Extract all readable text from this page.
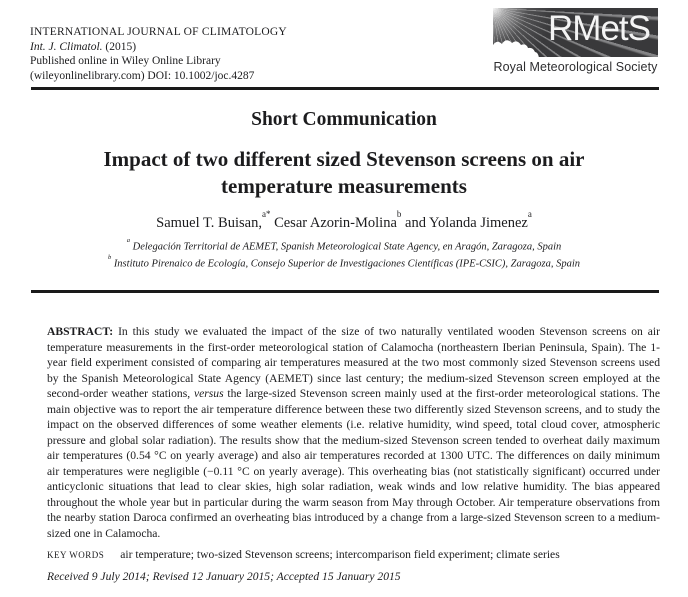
INTERNATIONAL JOURNAL OF CLIMATOLOGY
Int. J. Climatol. (2015)
Published online in Wiley Online Library
(wileyonlinelibrary.com) DOI: 10.1002/joc.4287
RMetS
Royal Meteorological Society
Short Communication
Impact of two different sized Stevenson screens on air temperature measurements
Samuel T. Buisan,$^{a*}$ Cesar Azorin-Molina$^b$ and Yolanda Jimenez$^a$
$^a$ Delegación Territorial de AEMET, Spanish Meteorological State Agency, en Aragón, Zaragoza, Spain
$^b$ Instituto Pirenaico de Ecología, Consejo Superior de Investigaciones Científicas (IPE-CSIC), Zaragoza, Spain
ABSTRACT: In this study we evaluated the impact of the size of two naturally ventilated wooden Stevenson screens on air temperature measurements in the first-order meteorological station of Calamocha (northeastern Iberian Peninsula, Spain). The 1-year field experiment consisted of comparing air temperatures measured at the two most commonly sized Stevenson screens used by the Spanish Meteorological State Agency (AEMET) since last century; the medium-sized Stevenson screen employed at the second-order weather stations, versus the large-sized Stevenson screen mainly used at the first-order meteorological stations. The main objective was to report the air temperature difference between these two differently sized Stevenson screens, and to study the impact on the observed differences of some weather elements (i.e. relative humidity, wind speed, total cloud cover, atmospheric pressure and global solar radiation). The results show that the medium-sized Stevenson screen tended to overheat daily maximum air temperatures (0.54 °C on yearly average) and also air temperatures recorded at 1300 UTC. The differences on daily minimum air temperatures were negligible (−0.11 °C on yearly average). This overheating bias (not statistically significant) occurred under anticyclonic situations that lead to clear skies, high solar radiation, weak winds and low relative humidity. The bias appeared throughout the whole year but in particular during the warm season from May through October. Air temperature observations from the nearby station Daroca confirmed an overheating bias introduced by a change from a large-sized Stevenson screen to a medium-sized one in Calamocha.
KEY WORDS air temperature; two-sized Stevenson screens; intercomparison field experiment; climate series
Received 9 July 2014; Revised 12 January 2015; Accepted 15 January 2015
